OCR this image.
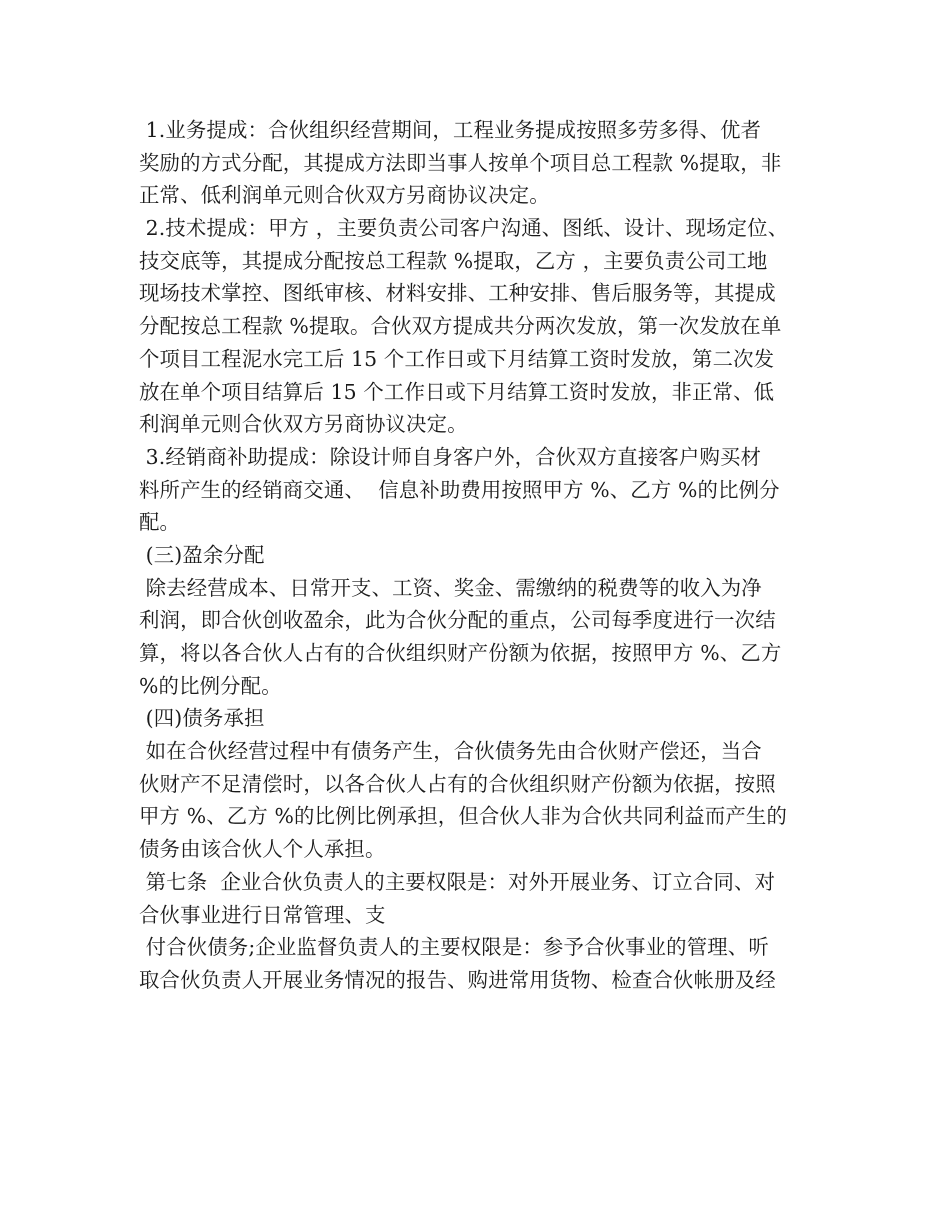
1.业务提成：合伙组织经营期间，工程业务提成按照多劳多得、优者
奖励的方式分配，其提成方法即当事人按单个项目总工程款 %提取，非
正常、低利润单元则合伙双方另商协议决定。
2.技术提成：甲方 ，主要负责公司客户沟通、图纸、设计、现场定位、
技交底等，其提成分配按总工程款 %提取，乙方 ，主要负责公司工地
现场技术掌控、图纸审核、材料安排、工种安排、售后服务等，其提成
分配按总工程款 %提取。合伙双方提成共分两次发放，第一次发放在单
个项目工程泥水完工后 15 个工作日或下月结算工资时发放，第二次发
放在单个项目结算后 15 个工作日或下月结算工资时发放，非正常、低
利润单元则合伙双方另商协议决定。
3.经销商补助提成：除设计师自身客户外，合伙双方直接客户购买材
料所产生的经销商交通、  信息补助费用按照甲方 %、乙方 %的比例分
配。
(三)盈余分配
除去经营成本、日常开支、工资、奖金、需缴纳的税费等的收入为净
利润，即合伙创收盈余，此为合伙分配的重点，公司每季度进行一次结
算，将以各合伙人占有的合伙组织财产份额为依据，按照甲方 %、乙方
%的比例分配。
(四)债务承担
如在合伙经营过程中有债务产生，合伙债务先由合伙财产偿还，当合
伙财产不足清偿时，以各合伙人占有的合伙组织财产份额为依据，按照
甲方 %、乙方 %的比例比例承担，但合伙人非为合伙共同利益而产生的
债务由该合伙人个人承担。
第七条  企业合伙负责人的主要权限是：对外开展业务、订立合同、对
合伙事业进行日常管理、支
付合伙债务;企业监督负责人的主要权限是：参予合伙事业的管理、听
取合伙负责人开展业务情况的报告、购进常用货物、检查合伙帐册及经
